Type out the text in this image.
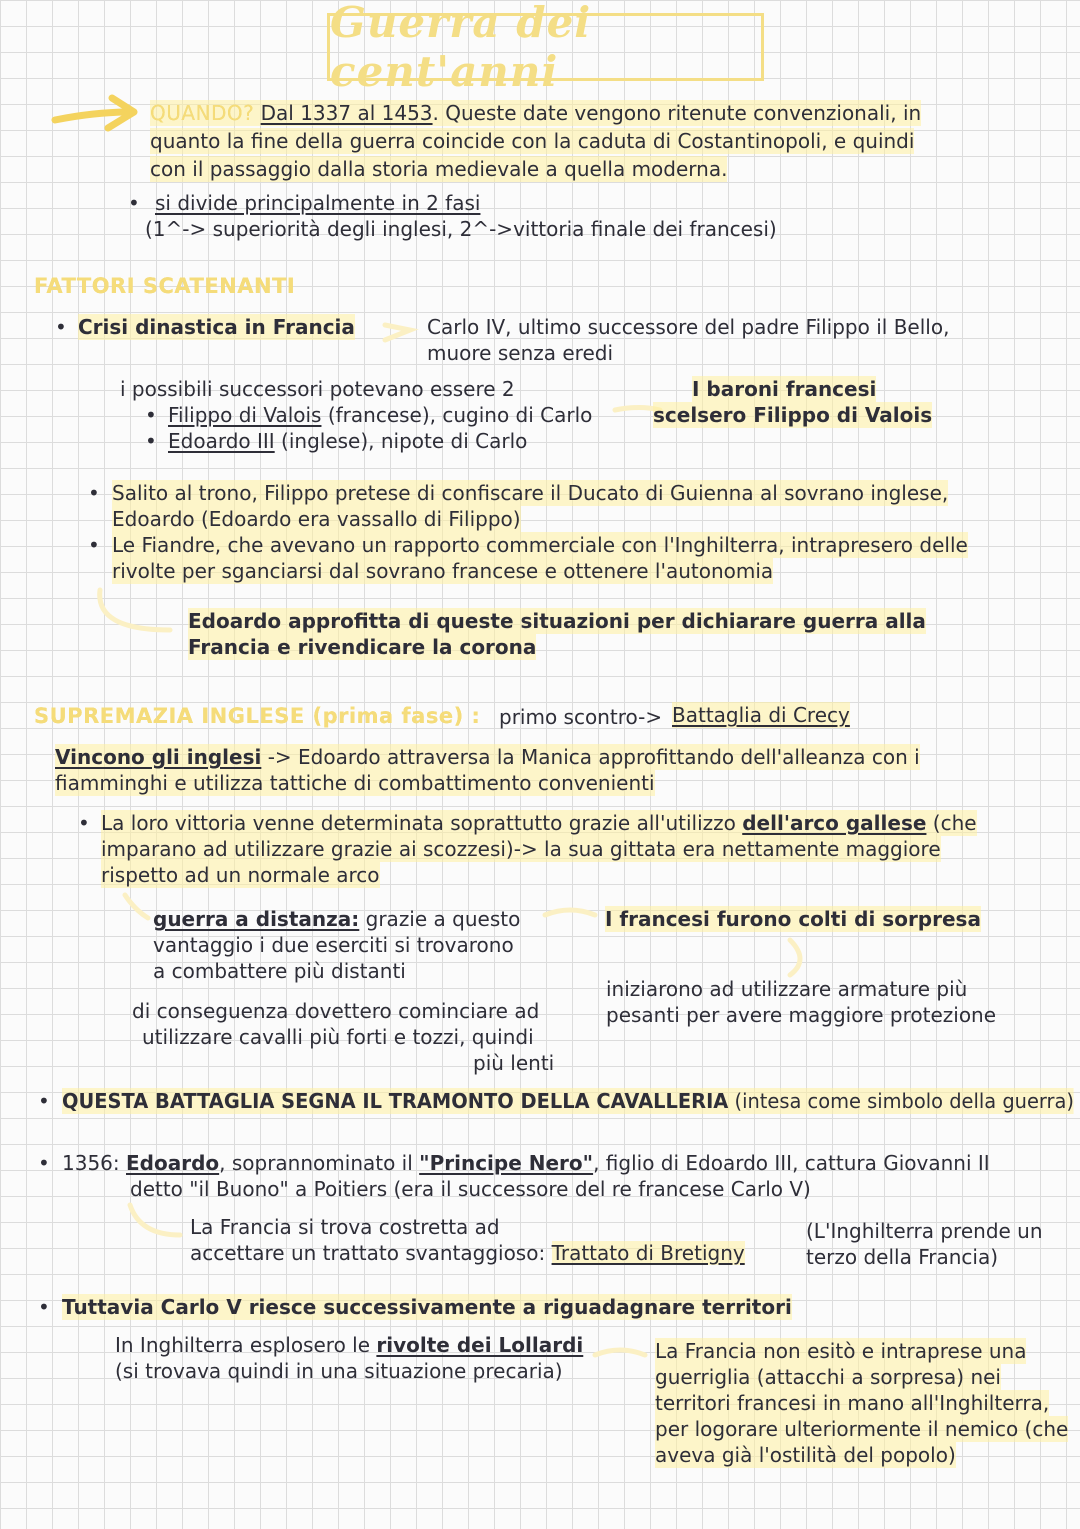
Guerra dei cent'anni
QUANDO? Dal 1337 al 1453. Queste date vengono ritenute convenzionali, in
quanto la fine della guerra coincide con la caduta di Costantinopoli, e quindi
con il passaggio dalla storia medievale a quella moderna.
• si divide principalmente in 2 fasi
(1^-> superiorità degli inglesi, 2^->vittoria finale dei francesi)
FATTORI SCATENANTI
• Crisi dinastica in Francia	Carlo IV, ultimo successore del padre Filippo il Bello,
muore senza eredi
i possibili successori potevano essere 2
• Filippo di Valois (francese), cugino di Carlo
• Edoardo III (inglese), nipote di Carlo
I baroni francesi
scelsero Filippo di Valois
• Salito al trono, Filippo pretese di confiscare il Ducato di Guienna al sovrano inglese,
Edoardo (Edoardo era vassallo di Filippo)
• Le Fiandre, che avevano un rapporto commerciale con l'Inghilterra, intrapresero delle
rivolte per sganciarsi dal sovrano francese e ottenere l'autonomia
Edoardo approfitta di queste situazioni per dichiarare guerra alla
Francia e rivendicare la corona
SUPREMAZIA INGLESE (prima fase) : primo scontro-> Battaglia di Crecy
Vincono gli inglesi -> Edoardo attraversa la Manica approfittando dell'alleanza con i
fiamminghi e utilizza tattiche di combattimento convenienti
• La loro vittoria venne determinata soprattutto grazie all'utilizzo dell'arco gallese (che
imparano ad utilizzare grazie ai scozzesi)-> la sua gittata era nettamente maggiore
rispetto ad un normale arco
guerra a distanza: grazie a questo
vantaggio i due eserciti si trovarono
a combattere più distanti
I francesi furono colti di sorpresa
iniziarono ad utilizzare armature più
pesanti per avere maggiore protezione
di conseguenza dovettero cominciare ad
utilizzare cavalli più forti e tozzi, quindi
più lenti
• QUESTA BATTAGLIA SEGNA IL TRAMONTO DELLA CAVALLERIA (intesa come simbolo della guerra)
• 1356: Edoardo, soprannominato il "Principe Nero", figlio di Edoardo III, cattura Giovanni II
detto "il Buono" a Poitiers (era il successore del re francese Carlo V)
La Francia si trova costretta ad
accettare un trattato svantaggioso: Trattato di Bretigny
(L'Inghilterra prende un
terzo della Francia)
• Tuttavia Carlo V riesce successivamente a riguadagnare territori
In Inghilterra esplosero le rivolte dei Lollardi
(si trovava quindi in una situazione precaria)
La Francia non esitò e intraprese una
guerriglia (attacchi a sorpresa) nei
territori francesi in mano all'Inghilterra,
per logorare ulteriormente il nemico (che
aveva già l'ostilità del popolo)
